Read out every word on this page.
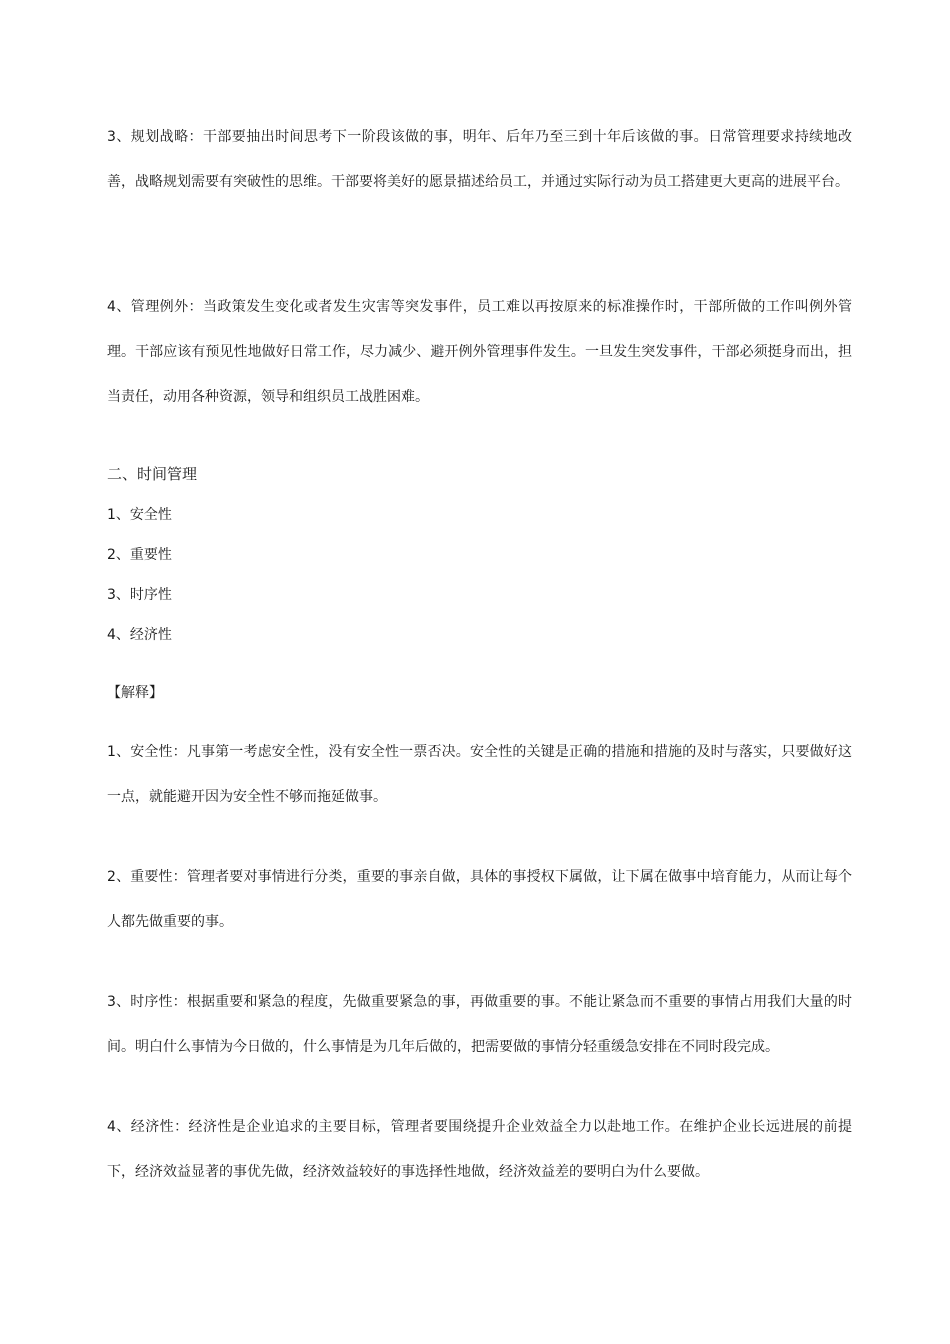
3、规划战略：干部要抽出时间思考下一阶段该做的事，明年、后年乃至三到十年后该做的事。日常管理要求持续地改善，战略规划需要有突破性的思维。干部要将美好的愿景描述给员工，并通过实际行动为员工搭建更大更高的进展平台。

4、管理例外：当政策发生变化或者发生灾害等突发事件，员工难以再按原来的标准操作时，干部所做的工作叫例外管理。干部应该有预见性地做好日常工作，尽力减少、避开例外管理事件发生。一旦发生突发事件，干部必须挺身而出，担当责任，动用各种资源，领导和组织员工战胜困难。

二、时间管理

1、安全性

2、重要性

3、时序性

4、经济性

【解释】

1、安全性：凡事第一考虑安全性，没有安全性一票否决。安全性的关键是正确的措施和措施的及时与落实，只要做好这一点，就能避开因为安全性不够而拖延做事。

2、重要性：管理者要对事情进行分类，重要的事亲自做，具体的事授权下属做，让下属在做事中培育能力，从而让每个人都先做重要的事。

3、时序性：根据重要和紧急的程度，先做重要紧急的事，再做重要的事。不能让紧急而不重要的事情占用我们大量的时间。明白什么事情为今日做的，什么事情是为几年后做的，把需要做的事情分轻重缓急安排在不同时段完成。

4、经济性：经济性是企业追求的主要目标，管理者要围绕提升企业效益全力以赴地工作。在维护企业长远进展的前提下，经济效益显著的事优先做，经济效益较好的事选择性地做，经济效益差的要明白为什么要做。
